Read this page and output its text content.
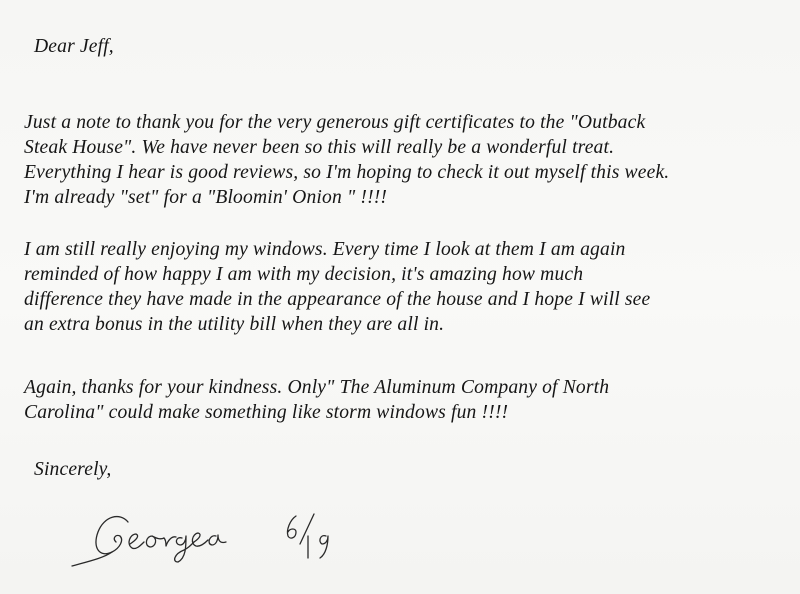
Dear Jeff,
Just a note to thank you for the very generous gift certificates to the "Outback
Steak House". We have never been so this will really be a wonderful treat.
Everything I hear is good reviews, so I'm hoping to check it out myself this week.
I'm already "set" for a "Bloomin' Onion " !!!!
I am still really enjoying my windows. Every time I look at them I am again
reminded of how happy I am with my decision, it's amazing how much
difference they have made in the appearance of the house and I hope I will see
an extra bonus in the utility bill when they are all in.
Again, thanks for your kindness. Only" The Aluminum Company of North
Carolina" could make something like storm windows fun !!!!
Sincerely,
